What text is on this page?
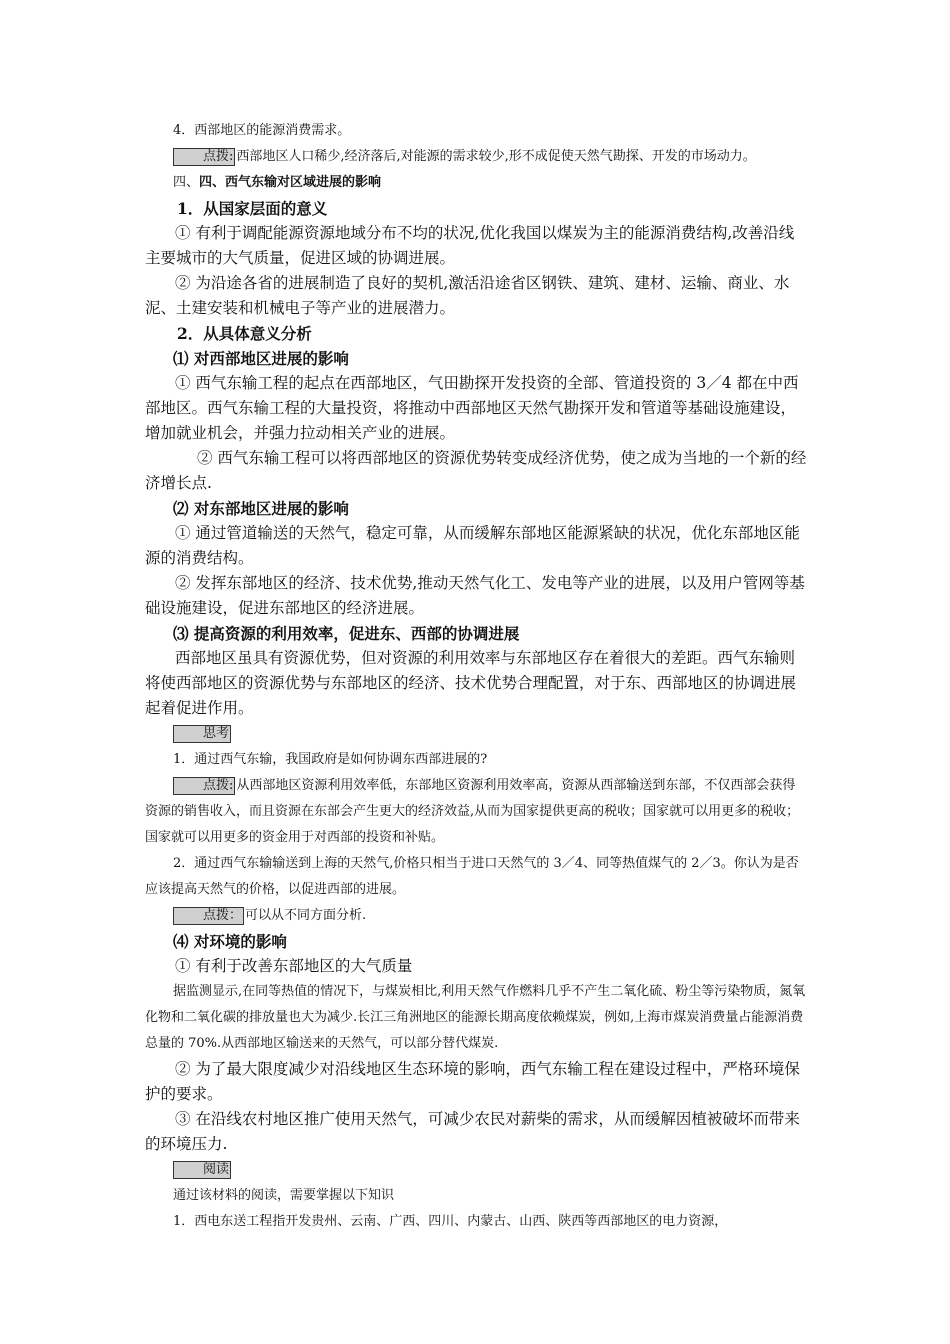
4．西部地区的能源消费需求。

点拨: 西部地区人口稀少,经济落后,对能源的需求较少,形不成促使天然气勘探、开发的市场动力。

四、四、西气东输对区域进展的影响

1．从国家层面的意义

① 有利于调配能源资源地域分布不均的状况,优化我国以煤炭为主的能源消费结构,改善沿线主要城市的大气质量，促进区域的协调进展。

② 为沿途各省的进展制造了良好的契机,激活沿途省区钢铁、建筑、建材、运输、商业、水泥、土建安装和机械电子等产业的进展潜力。

2．从具体意义分析

⑴ 对西部地区进展的影响

① 西气东输工程的起点在西部地区，气田勘探开发投资的全部、管道投资的 3／4 都在中西部地区。西气东输工程的大量投资，将推动中西部地区天然气勘探开发和管道等基础设施建设，增加就业机会，并强力拉动相关产业的进展。

② 西气东输工程可以将西部地区的资源优势转变成经济优势，使之成为当地的一个新的经济增长点.

⑵ 对东部地区进展的影响

① 通过管道输送的天然气，稳定可靠，从而缓解东部地区能源紧缺的状况，优化东部地区能源的消费结构。

② 发挥东部地区的经济、技术优势,推动天然气化工、发电等产业的进展，以及用户管网等基础设施建设，促进东部地区的经济进展。

⑶ 提高资源的利用效率，促进东、西部的协调进展

西部地区虽具有资源优势，但对资源的利用效率与东部地区存在着很大的差距。西气东输则将使西部地区的资源优势与东部地区的经济、技术优势合理配置，对于东、西部地区的协调进展起着促进作用。

思考

1．通过西气东输，我国政府是如何协调东西部进展的?

点拨: 从西部地区资源利用效率低，东部地区资源利用效率高，资源从西部输送到东部，不仅西部会获得资源的销售收入，而且资源在东部会产生更大的经济效益,从而为国家提供更高的税收；国家就可以用更多的税收；国家就可以用更多的资金用于对西部的投资和补贴。

2．通过西气东输输送到上海的天然气,价格只相当于进口天然气的 3／4、同等热值煤气的 2／3。你认为是否应该提高天然气的价格，以促进西部的进展。

点拨： 可以从不同方面分析.

⑷ 对环境的影响

① 有利于改善东部地区的大气质量

据监测显示,在同等热值的情况下，与煤炭相比,利用天然气作燃料几乎不产生二氧化硫、粉尘等污染物质，氮氧化物和二氧化碳的排放量也大为减少.长江三角洲地区的能源长期高度依赖煤炭，例如,上海市煤炭消费量占能源消费总量的 70%.从西部地区输送来的天然气，可以部分替代煤炭.

② 为了最大限度减少对沿线地区生态环境的影响，西气东输工程在建设过程中，严格环境保护的要求。

③ 在沿线农村地区推广使用天然气，可减少农民对薪柴的需求，从而缓解因植被破坏而带来的环境压力.

阅读

通过该材料的阅读，需要掌握以下知识

1．西电东送工程指开发贵州、云南、广西、四川、内蒙古、山西、陕西等西部地区的电力资源，
